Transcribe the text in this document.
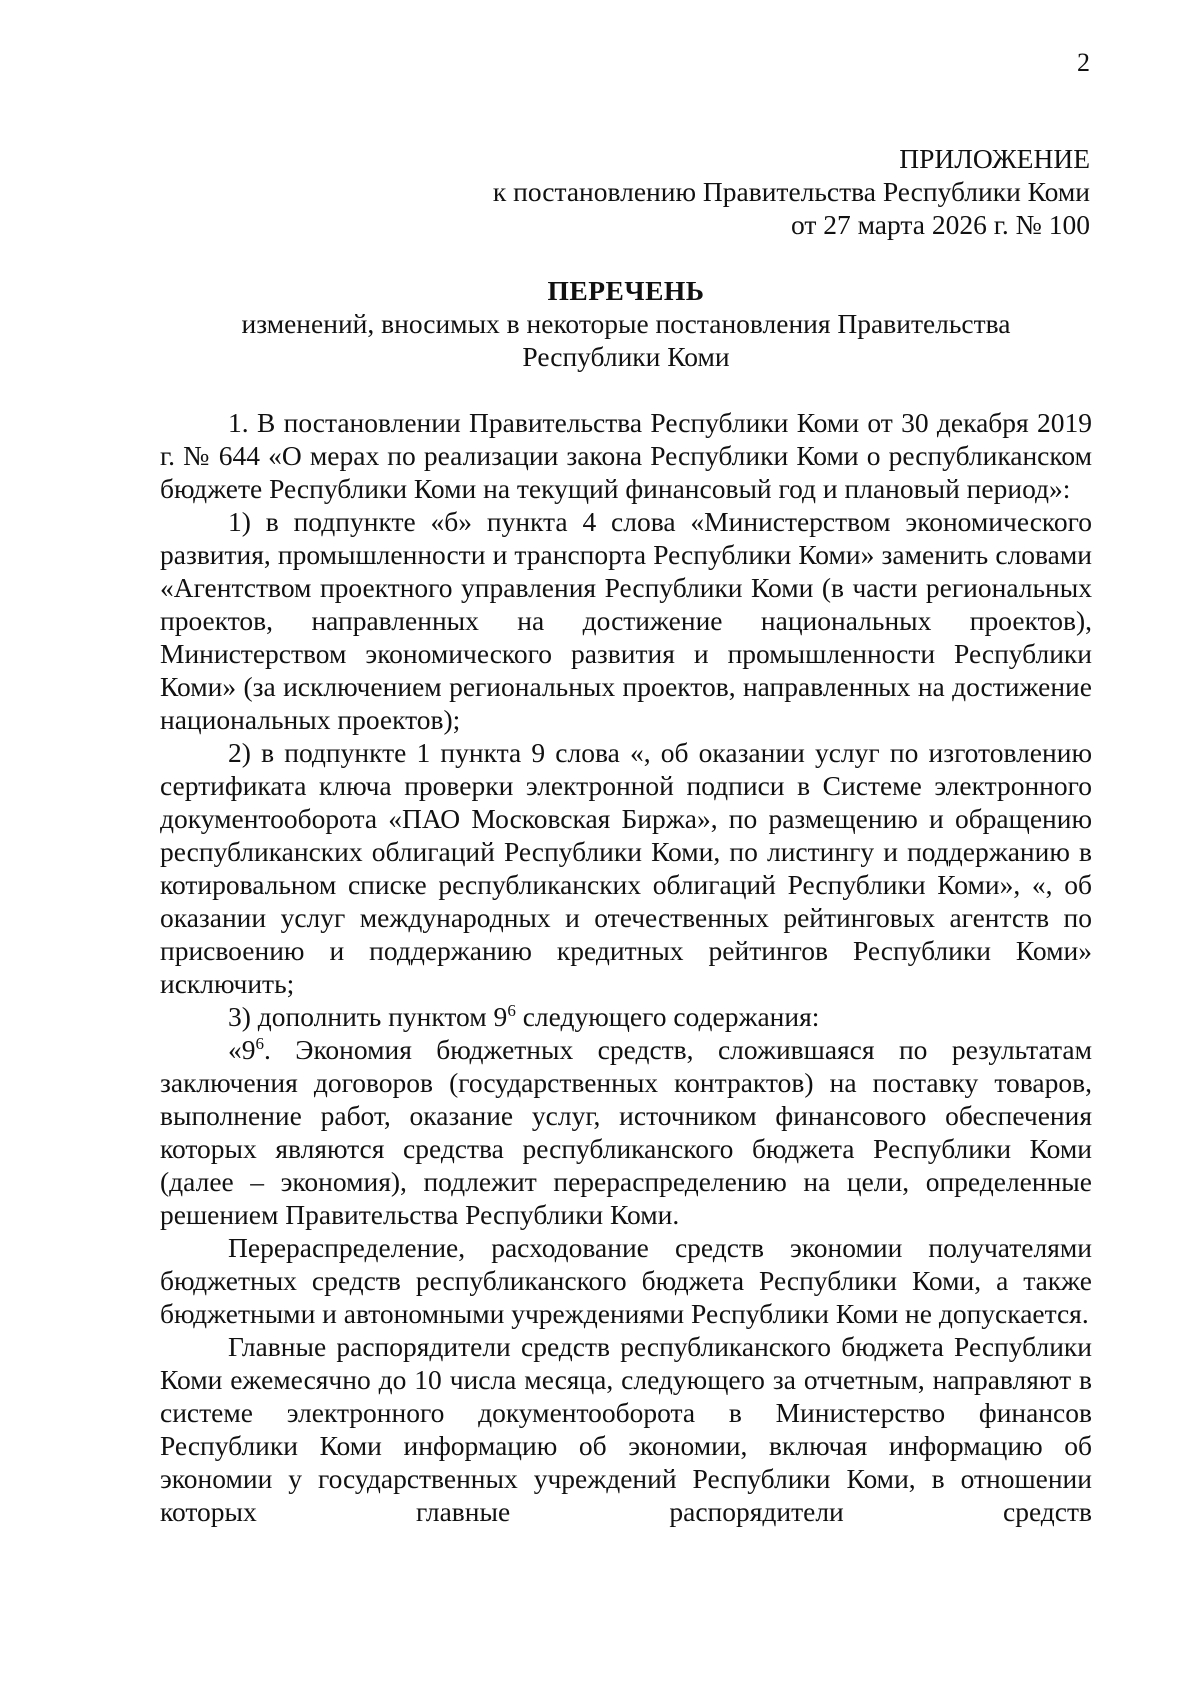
2
ПРИЛОЖЕНИЕ
к постановлению Правительства Республики Коми
от 27 марта 2026 г. № 100
ПЕРЕЧЕНЬ
изменений, вносимых в некоторые постановления Правительства
Республики Коми

1. В постановлении Правительства Республики Коми от 30 декабря 2019 г. № 644 «О мерах по реализации закона Республики Коми о республиканском бюджете Республики Коми на текущий финансовый год и плановый период»:

1) в подпункте «б» пункта 4 слова «Министерством экономического развития, промышленности и транспорта Республики Коми» заменить словами «Агентством проектного управления Республики Коми (в части региональных проектов, направленных на достижение национальных проектов), Министерством экономического развития и промышленности Республики Коми» (за исключением региональных проектов, направленных на достижение национальных проектов);

2) в подпункте 1 пункта 9 слова «, об оказании услуг по изготовлению сертификата ключа проверки электронной подписи в Системе электронного документооборота «ПАО Московская Биржа», по размещению и обращению республиканских облигаций Республики Коми, по листингу и поддержанию в котировальном списке республиканских облигаций Республики Коми», «, об оказании услуг международных и отечественных рейтинговых агентств по присвоению и поддержанию кредитных рейтингов Республики Коми» исключить;

3) дополнить пунктом $9^6$ следующего содержания:

«$9^6$. Экономия бюджетных средств, сложившаяся по результатам заключения договоров (государственных контрактов) на поставку товаров, выполнение работ, оказание услуг, источником финансового обеспечения которых являются средства республиканского бюджета Республики Коми (далее – экономия), подлежит перераспределению на цели, определенные решением Правительства Республики Коми.

Перераспределение, расходование средств экономии получателями бюджетных средств республиканского бюджета Республики Коми, а также бюджетными и автономными учреждениями Республики Коми не допускается.

Главные распорядители средств республиканского бюджета Республики Коми ежемесячно до 10 числа месяца, следующего за отчетным, направляют в системе электронного документооборота в Министерство финансов Республики Коми информацию об экономии, включая информацию об экономии у государственных учреждений Республики Коми, в отношении которых главные распорядители средств
